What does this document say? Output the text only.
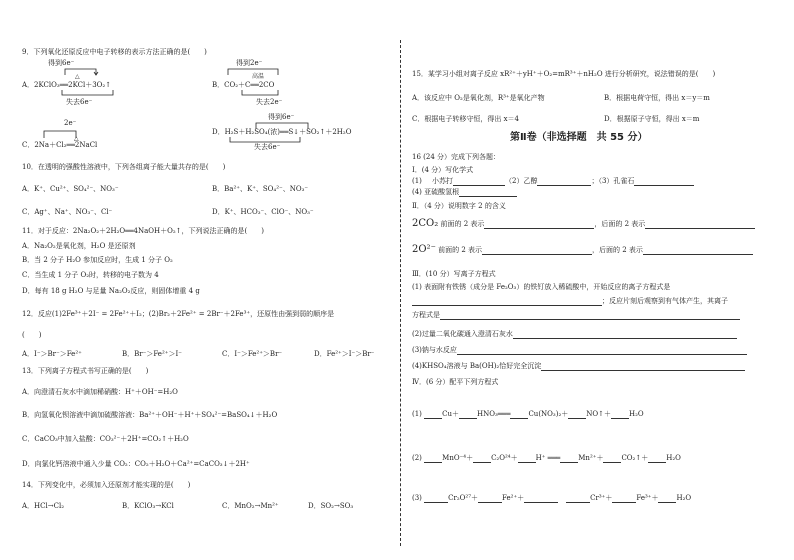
9．下列氧化还原反应中电子转移的表示方法正确的是(　　)
得到6e⁻
△
A．2KClO₃══2KCl＋3O₂↑
失去6e⁻
得到2e⁻
高温
B．CO₂＋C══2CO
失去2e⁻
2e⁻
△
C．2Na＋Cl₂══2NaCl
得到6e⁻
D．H₂S＋H₂SO₄(浓)══S↓＋SO₂↑＋2H₂O
失去6e⁻
10．在透明的强酸性溶液中，下列各组离子能大量共存的是(　　)
A．K⁺、Cu²⁺、SO₄²⁻、NO₃⁻	B．Ba²⁺、K⁺、SO₄²⁻、NO₃⁻
C．Ag⁺、Na⁺、NO₃⁻、Cl⁻	D．K⁺、HCO₃⁻、ClO⁻、NO₃⁻
11．对于反应：2Na₂O₂＋2H₂O══4NaOH＋O₂↑，下列说法正确的是(　　)
A．Na₂O₂是氧化剂，H₂O 是还原剂
B．当 2 分子 H₂O 参加反应时，生成 1 分子 O₂
C．当生成 1 分子 O₂时，转移的电子数为 4
D．每有 18 g H₂O 与足量 Na₂O₂反应，则固体增重 4 g
12．反应(1)2Fe³⁺＋2I⁻ = 2Fe²⁺＋I₂；(2)Br₂＋2Fe²⁺ = 2Br⁻＋2Fe³⁺，还原性由强到弱的顺序是
(　　)
A．I⁻＞Br⁻＞Fe²⁺	B．Br⁻＞Fe²⁺＞I⁻	C．I⁻＞Fe²⁺＞Br⁻	D．Fe²⁺＞I⁻＞Br⁻
13．下列离子方程式书写正确的是(　　)
A．向澄清石灰水中滴加稀硝酸：H⁺＋OH⁻=H₂O
B．向氢氧化钡溶液中滴加硫酸溶液：Ba²⁺＋OH⁻＋H⁺＋SO₄²⁻=BaSO₄↓＋H₂O
C．CaCO₃中加入盐酸：CO₃²⁻＋2H⁺=CO₂↑＋H₂O
D．向氯化钙溶液中通入少量 CO₂：CO₂＋H₂O＋Ca²⁺=CaCO₃↓＋2H⁺
14．下列变化中，必须加入还原剂才能实现的是(　　)
A．HCl→Cl₂	B．KClO₃→KCl	C．MnO₂→Mn²⁺	D．SO₂→SO₃
15．某学习小组对离子反应 xR²⁺＋yH⁺＋O₂=mR³⁺＋nH₂O 进行分析研究，说法错误的是(　　)
A．该反应中 O₂是氧化剂，R³⁺是氧化产物	B．根据电荷守恒，得出 x＝y＝m
C．根据电子转移守恒，得出 x＝4	D．根据原子守恒，得出 x＝m
第Ⅱ卷（非选择题　共 55 分）
16 (24 分）完成下列各题：
Ⅰ．(4 分）写化学式
(1)	小苏打	（2）乙醇	；（3）孔雀石
(4) 亚硫酸氢根
Ⅱ．（4 分）说明数字 2 的含义
2CO₂ 前面的 2 表示	，后面的 2 表示
2O²⁻ 前面的 2 表示	，后面的 2 表示
Ⅲ．(10 分）写离子方程式
(1) 表面附有铁锈（成分是 Fe₂O₃）的铁钉放入稀硫酸中，开始反应的离子方程式是
；反应片刻后观察到有气体产生，其离子
方程式是
(2)过量二氧化碳通入澄清石灰水
(3)钠与水反应
(4)KHSO₄溶液与 Ba(OH)₂恰好完全沉淀
Ⅳ．(6 分）配平下列方程式
(1)	Cu＋	HNO₃═══	Cu(NO₃)₂＋	NO↑＋	H₂O
(2)	MnO⁻⁴＋	C₂O²⁴＋	H⁺ ═══	Mn²⁺＋	CO₂↑＋	H₂O
(3)	Cr₂O²⁷＋	Fe²⁺＋	Cr³⁺＋	Fe³⁺＋	H₂O
